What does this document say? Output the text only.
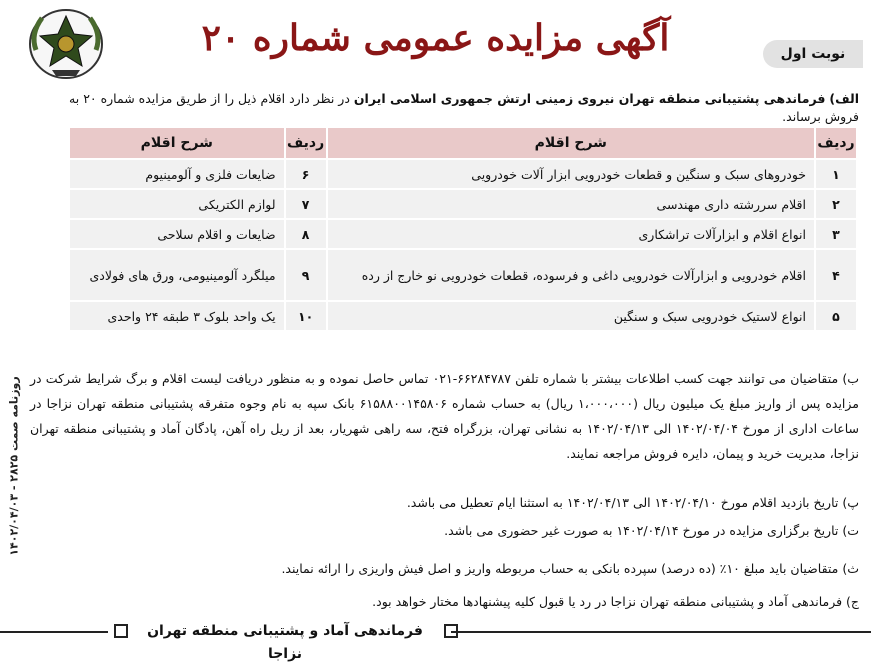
آگهی مزایده عمومی شماره ۲۰	نوبت اول
الف) فرماندهی پشتیبانی منطقه تهران نیروی زمینی ارتش جمهوری اسلامی ایران در نظر دارد اقلام ذیل را از طریق مزایده شماره ۲۰ به فروش برساند.
ردیف	شرح اقلام	ردیف	شرح اقلام
۱	خودروهای سبک و سنگین و قطعات خودرویی ابزار آلات خودرویی	۶	ضایعات فلزی و آلومینیوم
۲	اقلام سررشته داری مهندسی	۷	لوازم الکتریکی
۳	انواع اقلام و ابزارآلات تراشکاری	۸	ضایعات و اقلام سلاحی
۴	اقلام خودرویی و ابزارآلات خودرویی داغی و فرسوده، قطعات خودرویی نو خارج از رده	۹	میلگرد آلومینیومی، ورق های فولادی
۵	انواع لاستیک خودرویی سبک و سنگین	۱۰	یک واحد بلوک ۳ طبقه ۲۴ واحدی
ب) متقاضیان می توانند جهت کسب اطلاعات بیشتر با شماره تلفن ۶۶۲۸۴۷۸۷-۰۲۱ تماس حاصل نموده و به منظور دریافت لیست اقلام و برگ شرایط شرکت در مزایده پس از واریز مبلغ یک میلیون ریال (۱،۰۰۰،۰۰۰ ریال) به حساب شماره ۶۱۵۸۸۰۰۱۴۵۸۰۶ بانک سپه به نام وجوه متفرقه پشتیبانی منطقه تهران نزاجا در ساعات اداری از مورخ ۱۴۰۲/۰۴/۰۴ الی ۱۴۰۲/۰۴/۱۳ به نشانی تهران، بزرگراه فتح، سه راهی شهریار، بعد از ریل راه آهن، پادگان آماد و پشتیبانی منطقه تهران نزاجا، مدیریت خرید و پیمان، دایره فروش مراجعه نمایند.
پ) تاریخ بازدید اقلام مورخ ۱۴۰۲/۰۴/۱۰ الی ۱۴۰۲/۰۴/۱۳ به استثنا ایام تعطیل می باشد.
ت) تاریخ برگزاری مزایده در مورخ ۱۴۰۲/۰۴/۱۴ به صورت غیر حضوری می باشد.
ث) متقاضیان باید مبلغ ۱۰٪ (ده درصد) سپرده بانکی به حساب مربوطه واریز و اصل فیش واریزی را ارائه نمایند.
ج) فرماندهی آماد و پشتیبانی منطقه تهران نزاجا در رد یا قبول کلیه پیشنهادها مختار خواهد بود.
روزنامه صمت ۲۸۲۵ - ۱۴۰۲/۰۴/۰۳
فرماندهی آماد و پشتیبانی منطقه تهران نزاجا
